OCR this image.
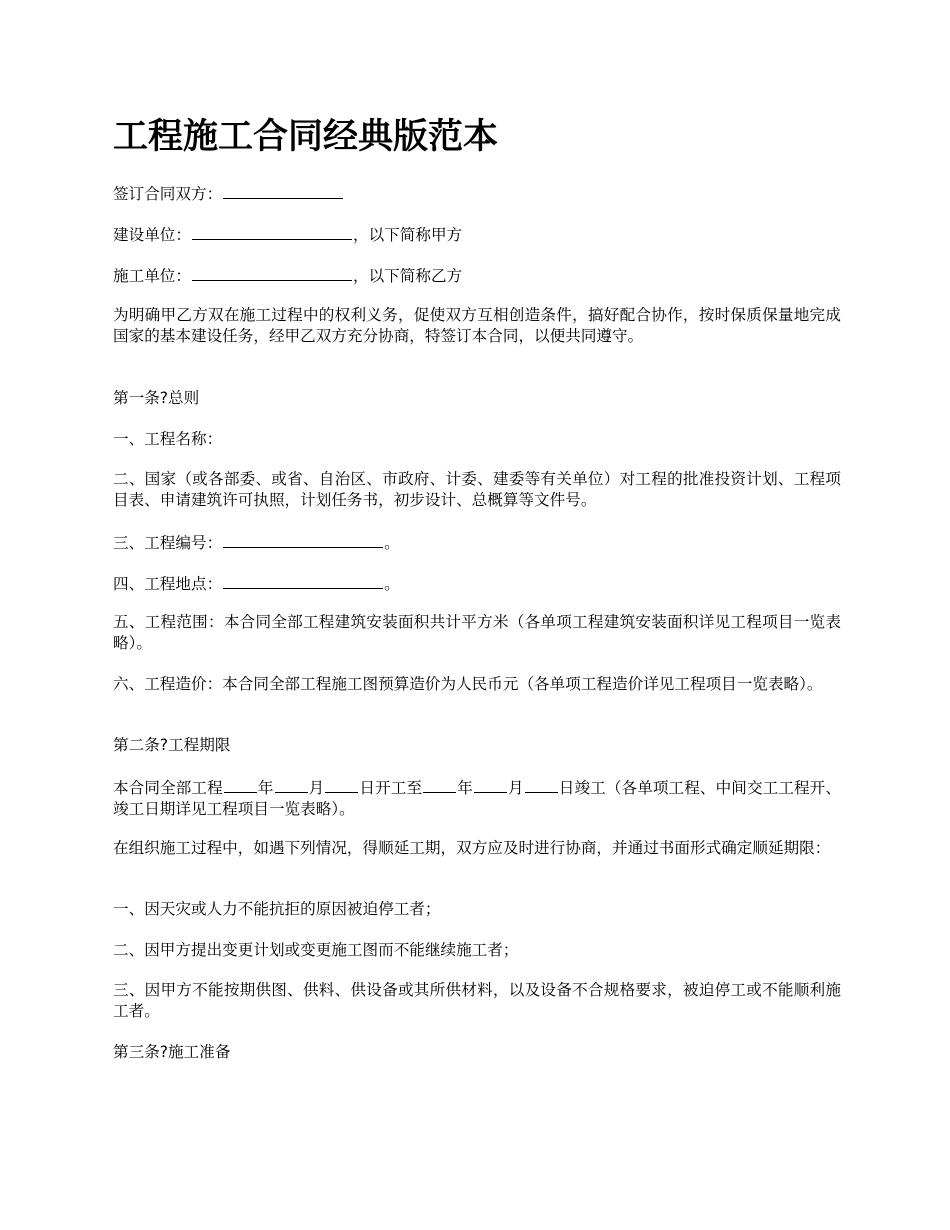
工程施工合同经典版范本

签订合同双方：

建设单位：	，以下简称甲方

施工单位：	，以下简称乙方

为明确甲乙方双在施工过程中的权利义务，促使双方互相创造条件，搞好配合协作，按时保质保量地完成国家的基本建设任务，经甲乙双方充分协商，特签订本合同，以便共同遵守。

第一条?总则

一、工程名称：

二、国家（或各部委、或省、自治区、市政府、计委、建委等有关单位）对工程的批准投资计划、工程项目表、申请建筑许可执照，计划任务书，初步设计、总概算等文件号。

三、工程编号：	。

四、工程地点：	。

五、工程范围：本合同全部工程建筑安装面积共计平方米（各单项工程建筑安装面积详见工程项目一览表略）。

六、工程造价：本合同全部工程施工图预算造价为人民币元（各单项工程造价详见工程项目一览表略）。

第二条?工程期限

本合同全部工程 年 月 日开工至 年 月 日竣工（各单项工程、中间交工工程开、竣工日期详见工程项目一览表略）。

在组织施工过程中，如遇下列情况，得顺延工期，双方应及时进行协商，并通过书面形式确定顺延期限：

一、因天灾或人力不能抗拒的原因被迫停工者；

二、因甲方提出变更计划或变更施工图而不能继续施工者；

三、因甲方不能按期供图、供料、供设备或其所供材料，以及设备不合规格要求，被迫停工或不能顺利施工者。

第三条?施工准备
